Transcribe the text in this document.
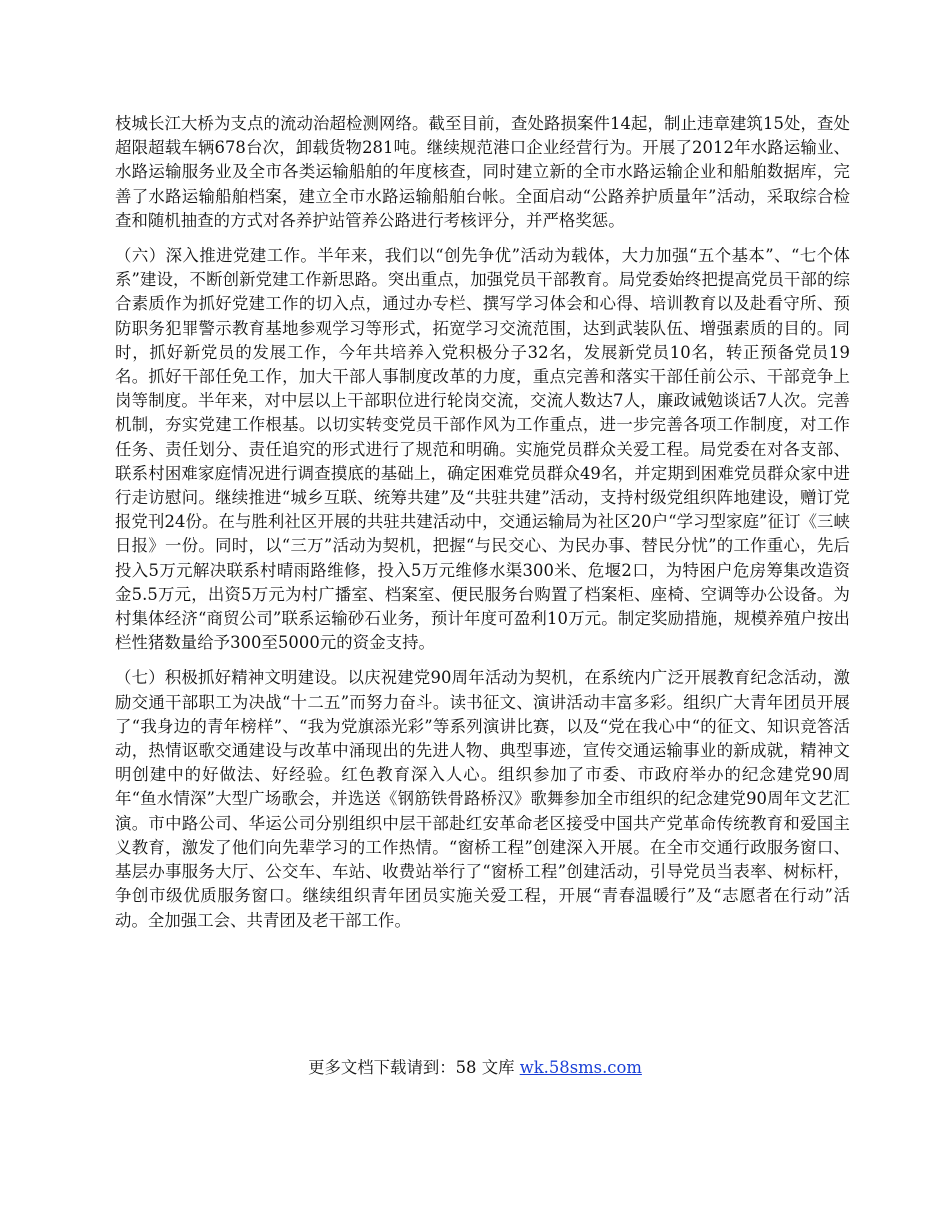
枝城长江大桥为支点的流动治超检测网络。截至目前，查处路损案件14起，制止违章建筑15处，查处超限超载车辆678台次，卸载货物281吨。继续规范港口企业经营行为。开展了2012年水路运输业、水路运输服务业及全市各类运输船舶的年度核查，同时建立新的全市水路运输企业和船舶数据库，完善了水路运输船舶档案，建立全市水路运输船舶台帐。全面启动“公路养护质量年”活动，采取综合检查和随机抽查的方式对各养护站管养公路进行考核评分，并严格奖惩。

（六）深入推进党建工作。半年来，我们以“创先争优”活动为载体，大力加强“五个基本”、“七个体系”建设，不断创新党建工作新思路。突出重点，加强党员干部教育。局党委始终把提高党员干部的综合素质作为抓好党建工作的切入点，通过办专栏、撰写学习体会和心得、培训教育以及赴看守所、预防职务犯罪警示教育基地参观学习等形式，拓宽学习交流范围，达到武装队伍、增强素质的目的。同时，抓好新党员的发展工作，今年共培养入党积极分子32名，发展新党员10名，转正预备党员19名。抓好干部任免工作，加大干部人事制度改革的力度，重点完善和落实干部任前公示、干部竞争上岗等制度。半年来，对中层以上干部职位进行轮岗交流，交流人数达7人，廉政诫勉谈话7人次。完善机制，夯实党建工作根基。以切实转变党员干部作风为工作重点，进一步完善各项工作制度，对工作任务、责任划分、责任追究的形式进行了规范和明确。实施党员群众关爱工程。局党委在对各支部、联系村困难家庭情况进行调查摸底的基础上，确定困难党员群众49名，并定期到困难党员群众家中进行走访慰问。继续推进“城乡互联、统筹共建”及“共驻共建”活动，支持村级党组织阵地建设，赠订党报党刊24份。在与胜利社区开展的共驻共建活动中，交通运输局为社区20户“学习型家庭”征订《三峡日报》一份。同时，以“三万”活动为契机，把握“与民交心、为民办事、替民分忧”的工作重心，先后投入5万元解决联系村晴雨路维修，投入5万元维修水渠300米、危堰2口，为特困户危房筹集改造资金5.5万元，出资5万元为村广播室、档案室、便民服务台购置了档案柜、座椅、空调等办公设备。为村集体经济“商贸公司”联系运输砂石业务，预计年度可盈利10万元。制定奖励措施，规模养殖户按出栏性猪数量给予300至5000元的资金支持。

（七）积极抓好精神文明建设。以庆祝建党90周年活动为契机，在系统内广泛开展教育纪念活动，激励交通干部职工为决战“十二五”而努力奋斗。读书征文、演讲活动丰富多彩。组织广大青年团员开展了“我身边的青年榜样”、“我为党旗添光彩”等系列演讲比赛，以及“党在我心中“的征文、知识竞答活动，热情讴歌交通建设与改革中涌现出的先进人物、典型事迹，宣传交通运输事业的新成就，精神文明创建中的好做法、好经验。红色教育深入人心。组织参加了市委、市政府举办的纪念建党90周年“鱼水情深”大型广场歌会，并选送《钢筋铁骨路桥汉》歌舞参加全市组织的纪念建党90周年文艺汇演。市中路公司、华运公司分别组织中层干部赴红安革命老区接受中国共产党革命传统教育和爱国主义教育，激发了他们向先辈学习的工作热情。“窗桥工程”创建深入开展。在全市交通行政服务窗口、基层办事服务大厅、公交车、车站、收费站举行了“窗桥工程”创建活动，引导党员当表率、树标杆，争创市级优质服务窗口。继续组织青年团员实施关爱工程，开展“青春温暖行”及“志愿者在行动”活动。全加强工会、共青团及老干部工作。

更多文档下载请到：58 文库 wk.58sms.com
